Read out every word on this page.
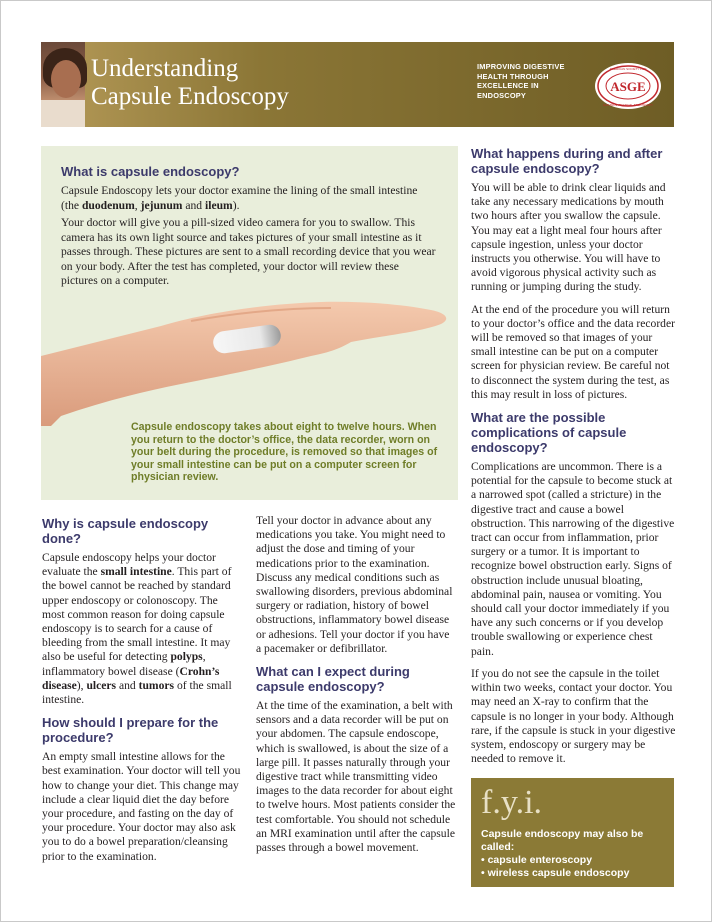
Understanding
Capsule Endoscopy
IMPROVING DIGESTIVE
HEALTH THROUGH
EXCELLENCE IN
ENDOSCOPY
ASGE
AMERICAN SOCIETY FOR
GASTROINTESTINAL ENDOSCOPY
What is capsule endoscopy?
Capsule Endoscopy lets your doctor examine the lining of the small intestine (the duodenum, jejunum and ileum).
Your doctor will give you a pill-sized video camera for you to swallow. This camera has its own light source and takes pictures of your small intestine as it passes through. These pictures are sent to a small recording device that you wear on your body. After the test has completed, your doctor will review these pictures on a computer.
Capsule endoscopy takes about eight to twelve hours. When you return to the doctor’s office, the data recorder, worn on your belt during the procedure, is removed so that images of your small intestine can be put on a computer screen for physician review.
Why is capsule endoscopy done?

Capsule endoscopy helps your doctor evaluate the small intestine. This part of the bowel cannot be reached by standard upper endoscopy or colonoscopy. The most common reason for doing capsule endoscopy is to search for a cause of bleeding from the small intestine. It may also be useful for detecting polyps, inflammatory bowel disease (Crohn’s disease), ulcers and tumors of the small intestine.

How should I prepare for the procedure?

An empty small intestine allows for the best examination. Your doctor will tell you how to change your diet. This change may include a clear liquid diet the day before your procedure, and fasting on the day of your procedure. Your doctor may also ask you to do a bowel preparation/cleansing prior to the examination.

Tell your doctor in advance about any medications you take. You might need to adjust the dose and timing of your medications prior to the examination. Discuss any medical conditions such as swallowing disorders, previous abdominal surgery or radiation, history of bowel obstructions, inflammatory bowel disease or adhesions. Tell your doctor if you have a pacemaker or defibrillator.

What can I expect during capsule endoscopy?

At the time of the examination, a belt with sensors and a data recorder will be put on your abdomen. The capsule endoscope, which is swallowed, is about the size of a large pill. It passes naturally through your digestive tract while transmitting video images to the data recorder for about eight to twelve hours. Most patients consider the test comfortable. You should not schedule an MRI examination until after the capsule passes through a bowel movement.

What happens during and after capsule endoscopy?

You will be able to drink clear liquids and take any necessary medications by mouth two hours after you swallow the capsule. You may eat a light meal four hours after capsule ingestion, unless your doctor instructs you otherwise. You will have to avoid vigorous physical activity such as running or jumping during the study.

At the end of the procedure you will return to your doctor’s office and the data recorder will be removed so that images of your small intestine can be put on a computer screen for physician review. Be careful not to disconnect the system during the test, as this may result in loss of pictures.

What are the possible complications of capsule endoscopy?

Complications are uncommon. There is a potential for the capsule to become stuck at a narrowed spot (called a stricture) in the digestive tract and cause a bowel obstruction. This narrowing of the digestive tract can occur from inflammation, prior surgery or a tumor. It is important to recognize bowel obstruction early. Signs of obstruction include unusual bloating, abdominal pain, nausea or vomiting. You should call your doctor immediately if you have any such concerns or if you develop trouble swallowing or experience chest pain.

If you do not see the capsule in the toilet within two weeks, contact your doctor. You may need an X-ray to confirm that the capsule is no longer in your body. Although rare, if the capsule is stuck in your digestive system, endoscopy or surgery may be needed to remove it.

f.y.i.
Capsule endoscopy may also be called:
• capsule enteroscopy
• wireless capsule endoscopy
